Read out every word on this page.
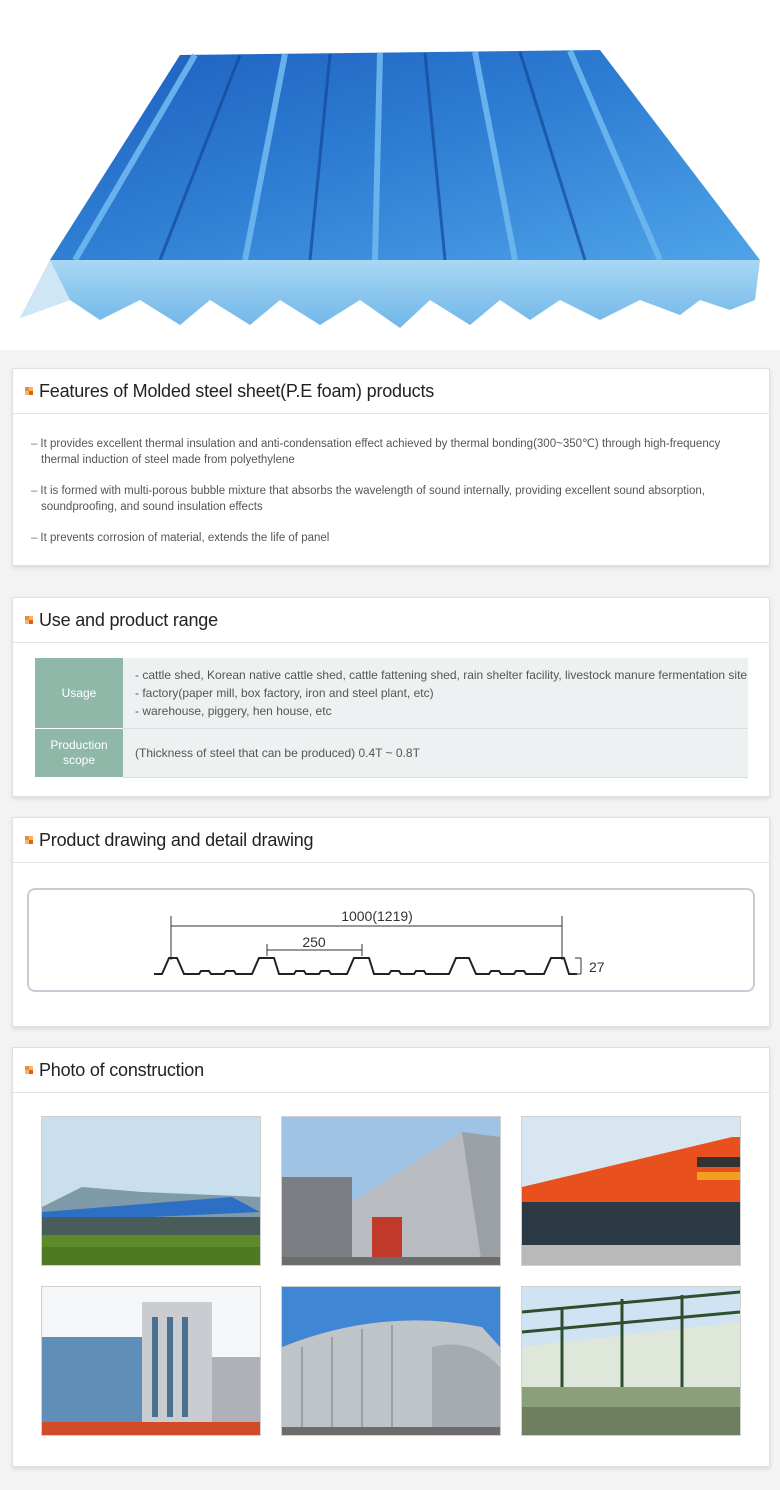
Features of Molded steel sheet(P.E foam) products
– It provides excellent thermal insulation and anti-condensation effect achieved by thermal bonding(300~350℃) through high-frequency thermal induction of steel made from polyethylene
– It is formed with multi-porous bubble mixture that absorbs the wavelength of sound internally, providing excellent sound absorption, soundproofing, and sound insulation effects
– It prevents corrosion of material, extends the life of panel
Use and product range
Usage	- cattle shed, Korean native cattle shed, cattle fattening shed, rain shelter facility, livestock manure fermentation site
- factory(paper mill, box factory, iron and steel plant, etc)
- warehouse, piggery, hen house, etc

Production
scope	(Thickness of steel that can be produced) 0.4T ~ 0.8T
Product drawing and detail drawing
1000(1219)
250
27
Photo of construction
